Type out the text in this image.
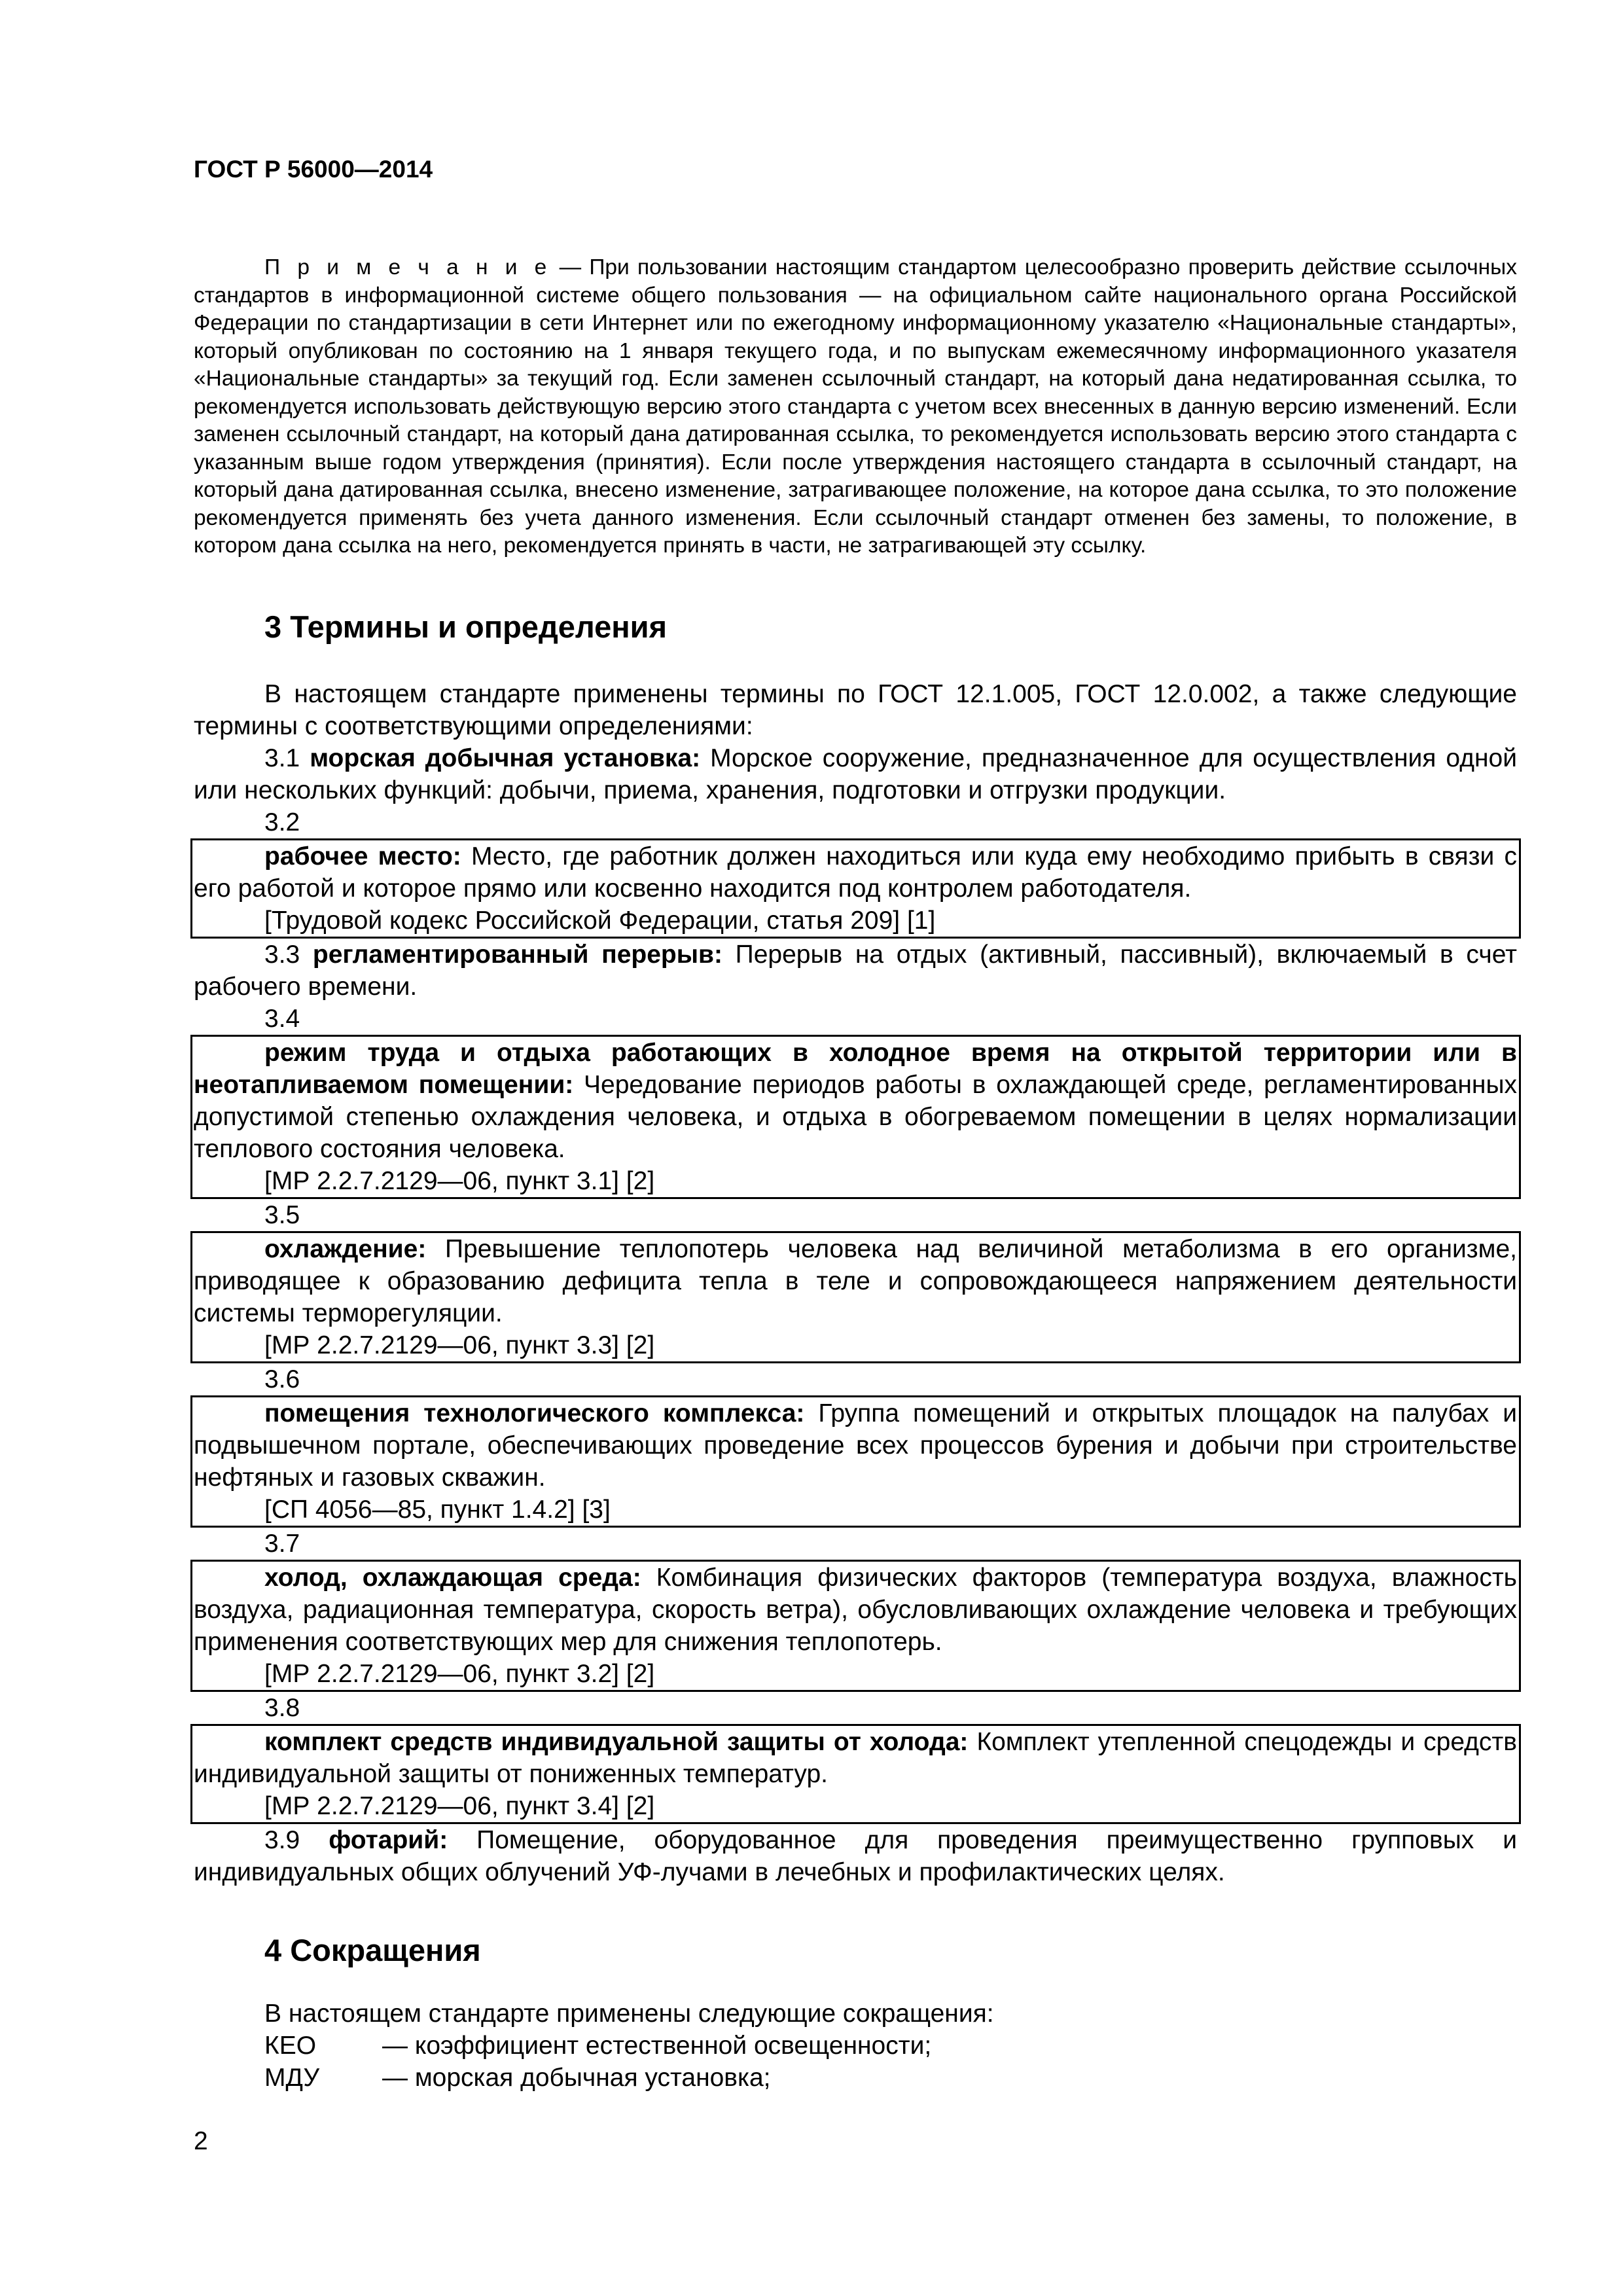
ГОСТ Р 56000—2014

П р и м е ч а н и е — При пользовании настоящим стандартом целесообразно проверить действие ссылочных стандартов в информационной системе общего пользования — на официальном сайте национального органа Российской Федерации по стандартизации в сети Интернет или по ежегодному информационному указателю «Национальные стандарты», который опубликован по состоянию на 1 января текущего года, и по выпускам ежемесячному информационного указателя «Национальные стандарты» за текущий год. Если заменен ссылочный стандарт, на который дана недатированная ссылка, то рекомендуется использовать действующую версию этого стандарта с учетом всех внесенных в данную версию изменений. Если заменен ссылочный стандарт, на который дана датированная ссылка, то рекомендуется использовать версию этого стандарта с указанным выше годом утверждения (принятия). Если после утверждения настоящего стандарта в ссылочный стандарт, на который дана датированная ссылка, внесено изменение, затрагивающее положение, на которое дана ссылка, то это положение рекомендуется применять без учета данного изменения. Если ссылочный стандарт отменен без замены, то положение, в котором дана ссылка на него, рекомендуется принять в части, не затрагивающей эту ссылку.

3 Термины и определения

В настоящем стандарте применены термины по ГОСТ 12.1.005, ГОСТ 12.0.002, а также следующие термины с соответствующими определениями:

3.1 морская добычная установка: Морское сооружение, предназначенное для осуществления одной или нескольких функций: добычи, приема, хранения, подготовки и отгрузки продукции.

3.2

рабочее место: Место, где работник должен находиться или куда ему необходимо прибыть в связи с его работой и которое прямо или косвенно находится под контролем работодателя.

[Трудовой кодекс Российской Федерации, статья 209] [1]

3.3 регламентированный перерыв: Перерыв на отдых (активный, пассивный), включаемый в счет рабочего времени.

3.4

режим труда и отдыха работающих в холодное время на открытой территории или в неотапливаемом помещении: Чередование периодов работы в охлаждающей среде, регламентированных допустимой степенью охлаждения человека, и отдыха в обогреваемом помещении в целях нормализации теплового состояния человека.

[МР 2.2.7.2129—06, пункт 3.1] [2]
3.5

охлаждение: Превышение теплопотерь человека над величиной метаболизма в его организме, приводящее к образованию дефицита тепла в теле и сопровождающееся напряжением деятельности системы терморегуляции.

[МР 2.2.7.2129—06, пункт 3.3] [2]
3.6

помещения технологического комплекса: Группа помещений и открытых площадок на палубах и подвышечном портале, обеспечивающих проведение всех процессов бурения и добычи при строительстве нефтяных и газовых скважин.

[СП 4056—85, пункт 1.4.2] [3]
3.7

холод, охлаждающая среда: Комбинация физических факторов (температура воздуха, влажность воздуха, радиационная температура, скорость ветра), обусловливающих охлаждение человека и требующих применения соответствующих мер для снижения теплопотерь.

[МР 2.2.7.2129—06, пункт 3.2] [2]
3.8

комплект средств индивидуальной защиты от холода: Комплект утепленной спецодежды и средств индивидуальной защиты от пониженных температур.

[МР 2.2.7.2129—06, пункт 3.4] [2]

3.9 фотарий: Помещение, оборудованное для проведения преимущественно групповых и индивидуальных общих облучений УФ-лучами в лечебных и профилактических целях.

4 Сокращения
В настоящем стандарте применены следующие сокращения:
КЕО	— коэффициент естественной освещенности;
МДУ	— морская добычная установка;
2
